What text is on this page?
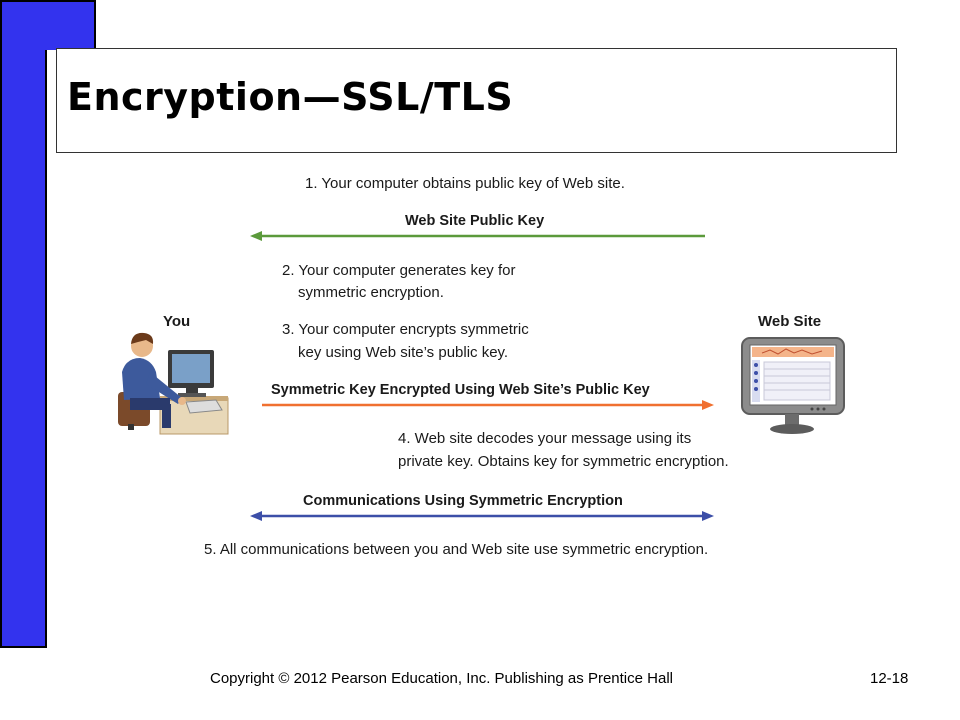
Encryption—SSL/TLS
1. Your computer obtains public key of Web site.
Web Site Public Key
2. Your computer generates key for
symmetric encryption.
You	Web Site
3. Your computer encrypts symmetric
key using Web site’s public key.
Symmetric Key Encrypted Using Web Site’s Public Key
4. Web site decodes your message using its
private key. Obtains key for symmetric encryption.
Communications Using Symmetric Encryption
5. All communications between you and Web site use symmetric encryption.
Copyright © 2012 Pearson Education, Inc. Publishing as Prentice Hall	12-18
